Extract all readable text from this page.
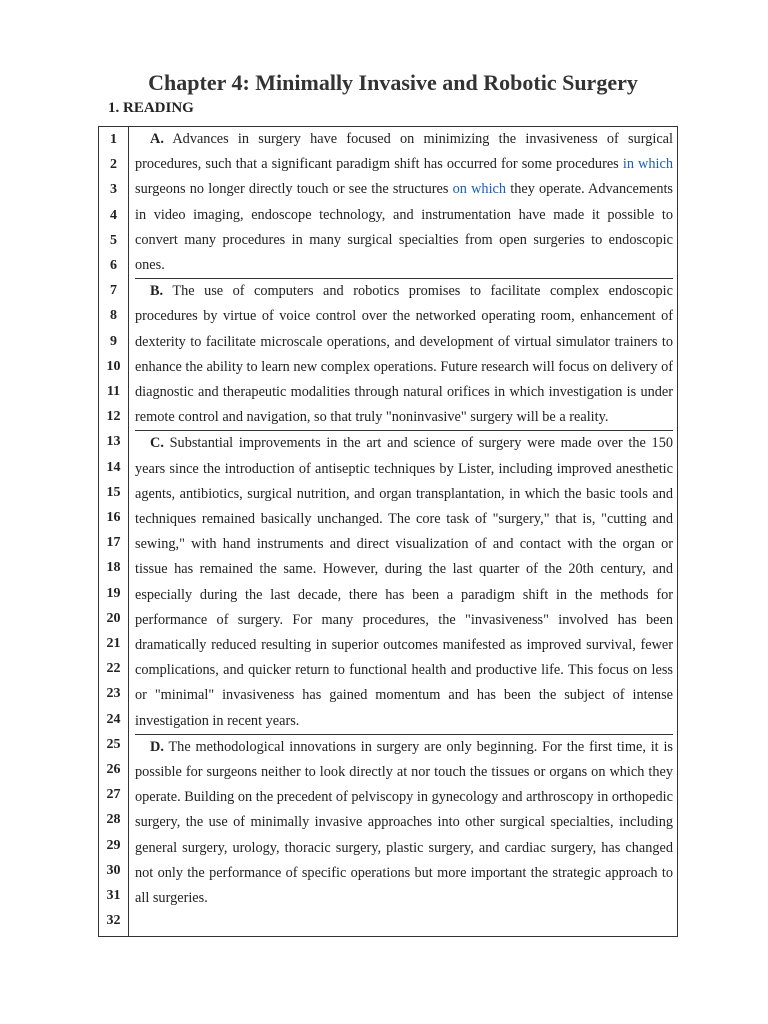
Chapter 4: Minimally Invasive and Robotic Surgery
1. READING
1
2
3
4
5
6
7
8
9
10
11
12
13
14
15
16
17
18
19
20
21
22
23
24
25
26
27
28
29
30
31
32

A. Advances in surgery have focused on minimizing the invasiveness of surgical procedures, such that a significant paradigm shift has occurred for some procedures in which surgeons no longer directly touch or see the structures on which they operate. Advancements in video imaging, endoscope technology, and instrumentation have made it possible to convert many procedures in many surgical specialties from open surgeries to endoscopic ones.

B. The use of computers and robotics promises to facilitate complex endoscopic procedures by virtue of voice control over the networked operating room, enhancement of dexterity to facilitate microscale operations, and development of virtual simulator trainers to enhance the ability to learn new complex operations. Future research will focus on delivery of diagnostic and therapeutic modalities through natural orifices in which investigation is under remote control and navigation, so that truly "noninvasive" surgery will be a reality.

C. Substantial improvements in the art and science of surgery were made over the 150 years since the introduction of antiseptic techniques by Lister, including improved anesthetic agents, antibiotics, surgical nutrition, and organ transplantation, in which the basic tools and techniques remained basically unchanged. The core task of "surgery," that is, "cutting and sewing," with hand instruments and direct visualization of and contact with the organ or tissue has remained the same. However, during the last quarter of the 20th century, and especially during the last decade, there has been a paradigm shift in the methods for performance of surgery. For many procedures, the "invasiveness" involved has been dramatically reduced resulting in superior outcomes manifested as improved survival, fewer complications, and quicker return to functional health and productive life. This focus on less or "minimal" invasiveness has gained momentum and has been the subject of intense investigation in recent years.

D. The methodological innovations in surgery are only beginning. For the first time, it is possible for surgeons neither to look directly at nor touch the tissues or organs on which they operate. Building on the precedent of pelviscopy in gynecology and arthroscopy in orthopedic surgery, the use of minimally invasive approaches into other surgical specialties, including general surgery, urology, thoracic surgery, plastic surgery, and cardiac surgery, has changed not only the performance of specific operations but more important the strategic approach to all surgeries.
